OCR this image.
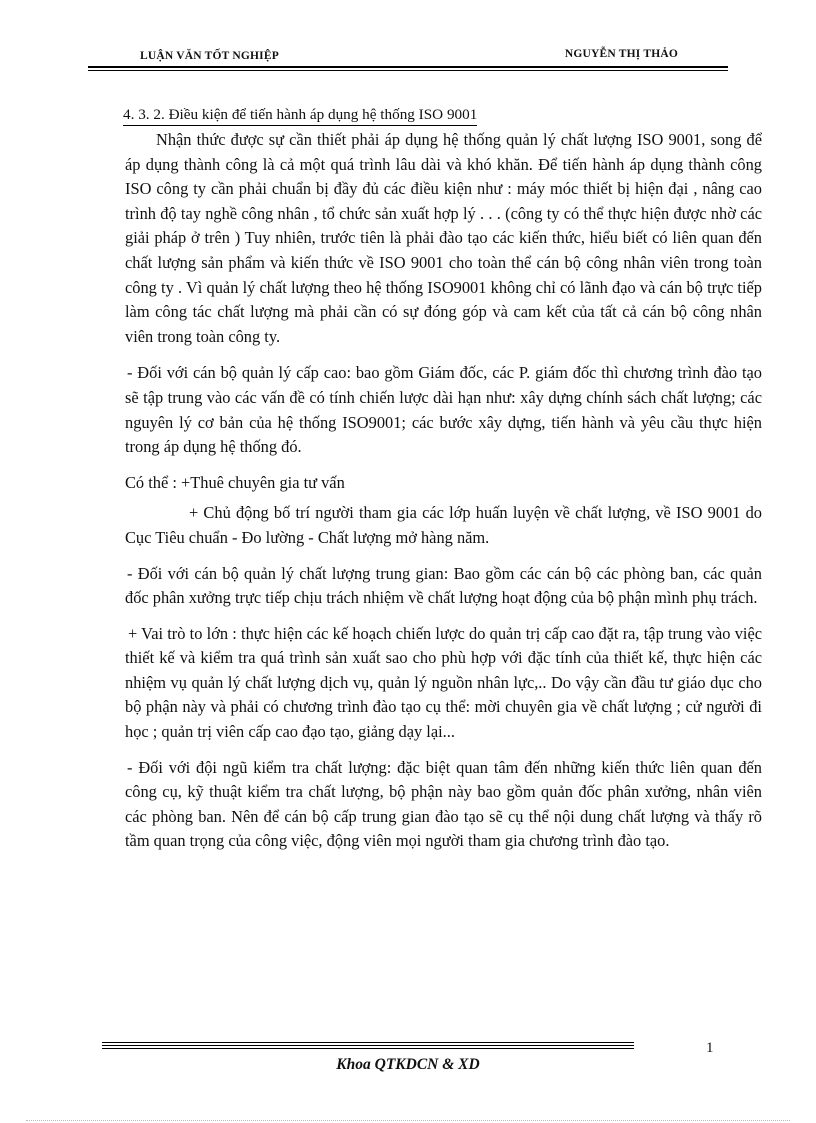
LUẬN VĂN TỐT NGHIỆP	NGUYỄN THỊ THẢO
4. 3. 2. Điều kiện để tiến hành áp dụng hệ thống ISO 9001

Nhận thức được sự cần thiết phải áp dụng hệ thống quản lý chất lượng ISO 9001, song để áp dụng thành công là cả một quá trình lâu dài và khó khăn. Để tiến hành áp dụng thành công ISO công ty cần phải chuẩn bị đầy đủ các điều kiện như : máy móc thiết bị hiện đại , nâng cao trình độ tay nghề công nhân , tổ chức sản xuất hợp lý . . . (công ty có thể thực hiện được nhờ các giải pháp ở trên ) Tuy nhiên, trước tiên là phải đào tạo các kiến thức, hiểu biết có liên quan đến chất lượng sản phẩm và kiến thức về ISO 9001 cho toàn thể cán bộ công nhân viên trong toàn công ty . Vì quản lý chất lượng theo hệ thống ISO9001 không chỉ có lãnh đạo và cán bộ trực tiếp làm công tác chất lượng mà phải cần có sự đóng góp và cam kết của tất cả cán bộ công nhân viên trong toàn công ty.

- Đối với cán bộ quản lý cấp cao: bao gồm Giám đốc, các P. giám đốc thì chương trình đào tạo sẽ tập trung vào các vấn đề có tính chiến lược dài hạn như: xây dựng chính sách chất lượng; các nguyên lý cơ bản của hệ thống ISO9001; các bước xây dựng, tiến hành và yêu cầu thực hiện trong áp dụng hệ thống đó.

Có thể : +Thuê chuyên gia tư vấn

+ Chủ động bố trí người tham gia các lớp huấn luyện về chất lượng, về ISO 9001 do Cục Tiêu chuẩn - Đo lường - Chất lượng mở hàng năm.

- Đối với cán bộ quản lý chất lượng trung gian: Bao gồm các cán bộ các phòng ban, các quản đốc phân xưởng trực tiếp chịu trách nhiệm về chất lượng hoạt động của bộ phận mình phụ trách.

+ Vai trò to lớn : thực hiện các kế hoạch chiến lược do quản trị cấp cao đặt ra, tập trung vào việc thiết kế và kiểm tra quá trình sản xuất sao cho phù hợp với đặc tính của thiết kế, thực hiện các nhiệm vụ quản lý chất lượng dịch vụ, quản lý nguồn nhân lực,.. Do vậy cần đầu tư giáo dục cho bộ phận này và phải có chương trình đào tạo cụ thể: mời chuyên gia về chất lượng ; cử người đi học ; quản trị viên cấp cao đạo tạo, giảng dạy lại...

- Đối với đội ngũ kiểm tra chất lượng: đặc biệt quan tâm đến những kiến thức liên quan đến công cụ, kỹ thuật kiểm tra chất lượng, bộ phận này bao gồm quản đốc phân xưởng, nhân viên các phòng ban. Nên để cán bộ cấp trung gian đào tạo sẽ cụ thể nội dung chất lượng và thấy rõ tầm quan trọng của công việc, động viên mọi người tham gia chương trình đào tạo.

1
Khoa QTKDCN & XD
